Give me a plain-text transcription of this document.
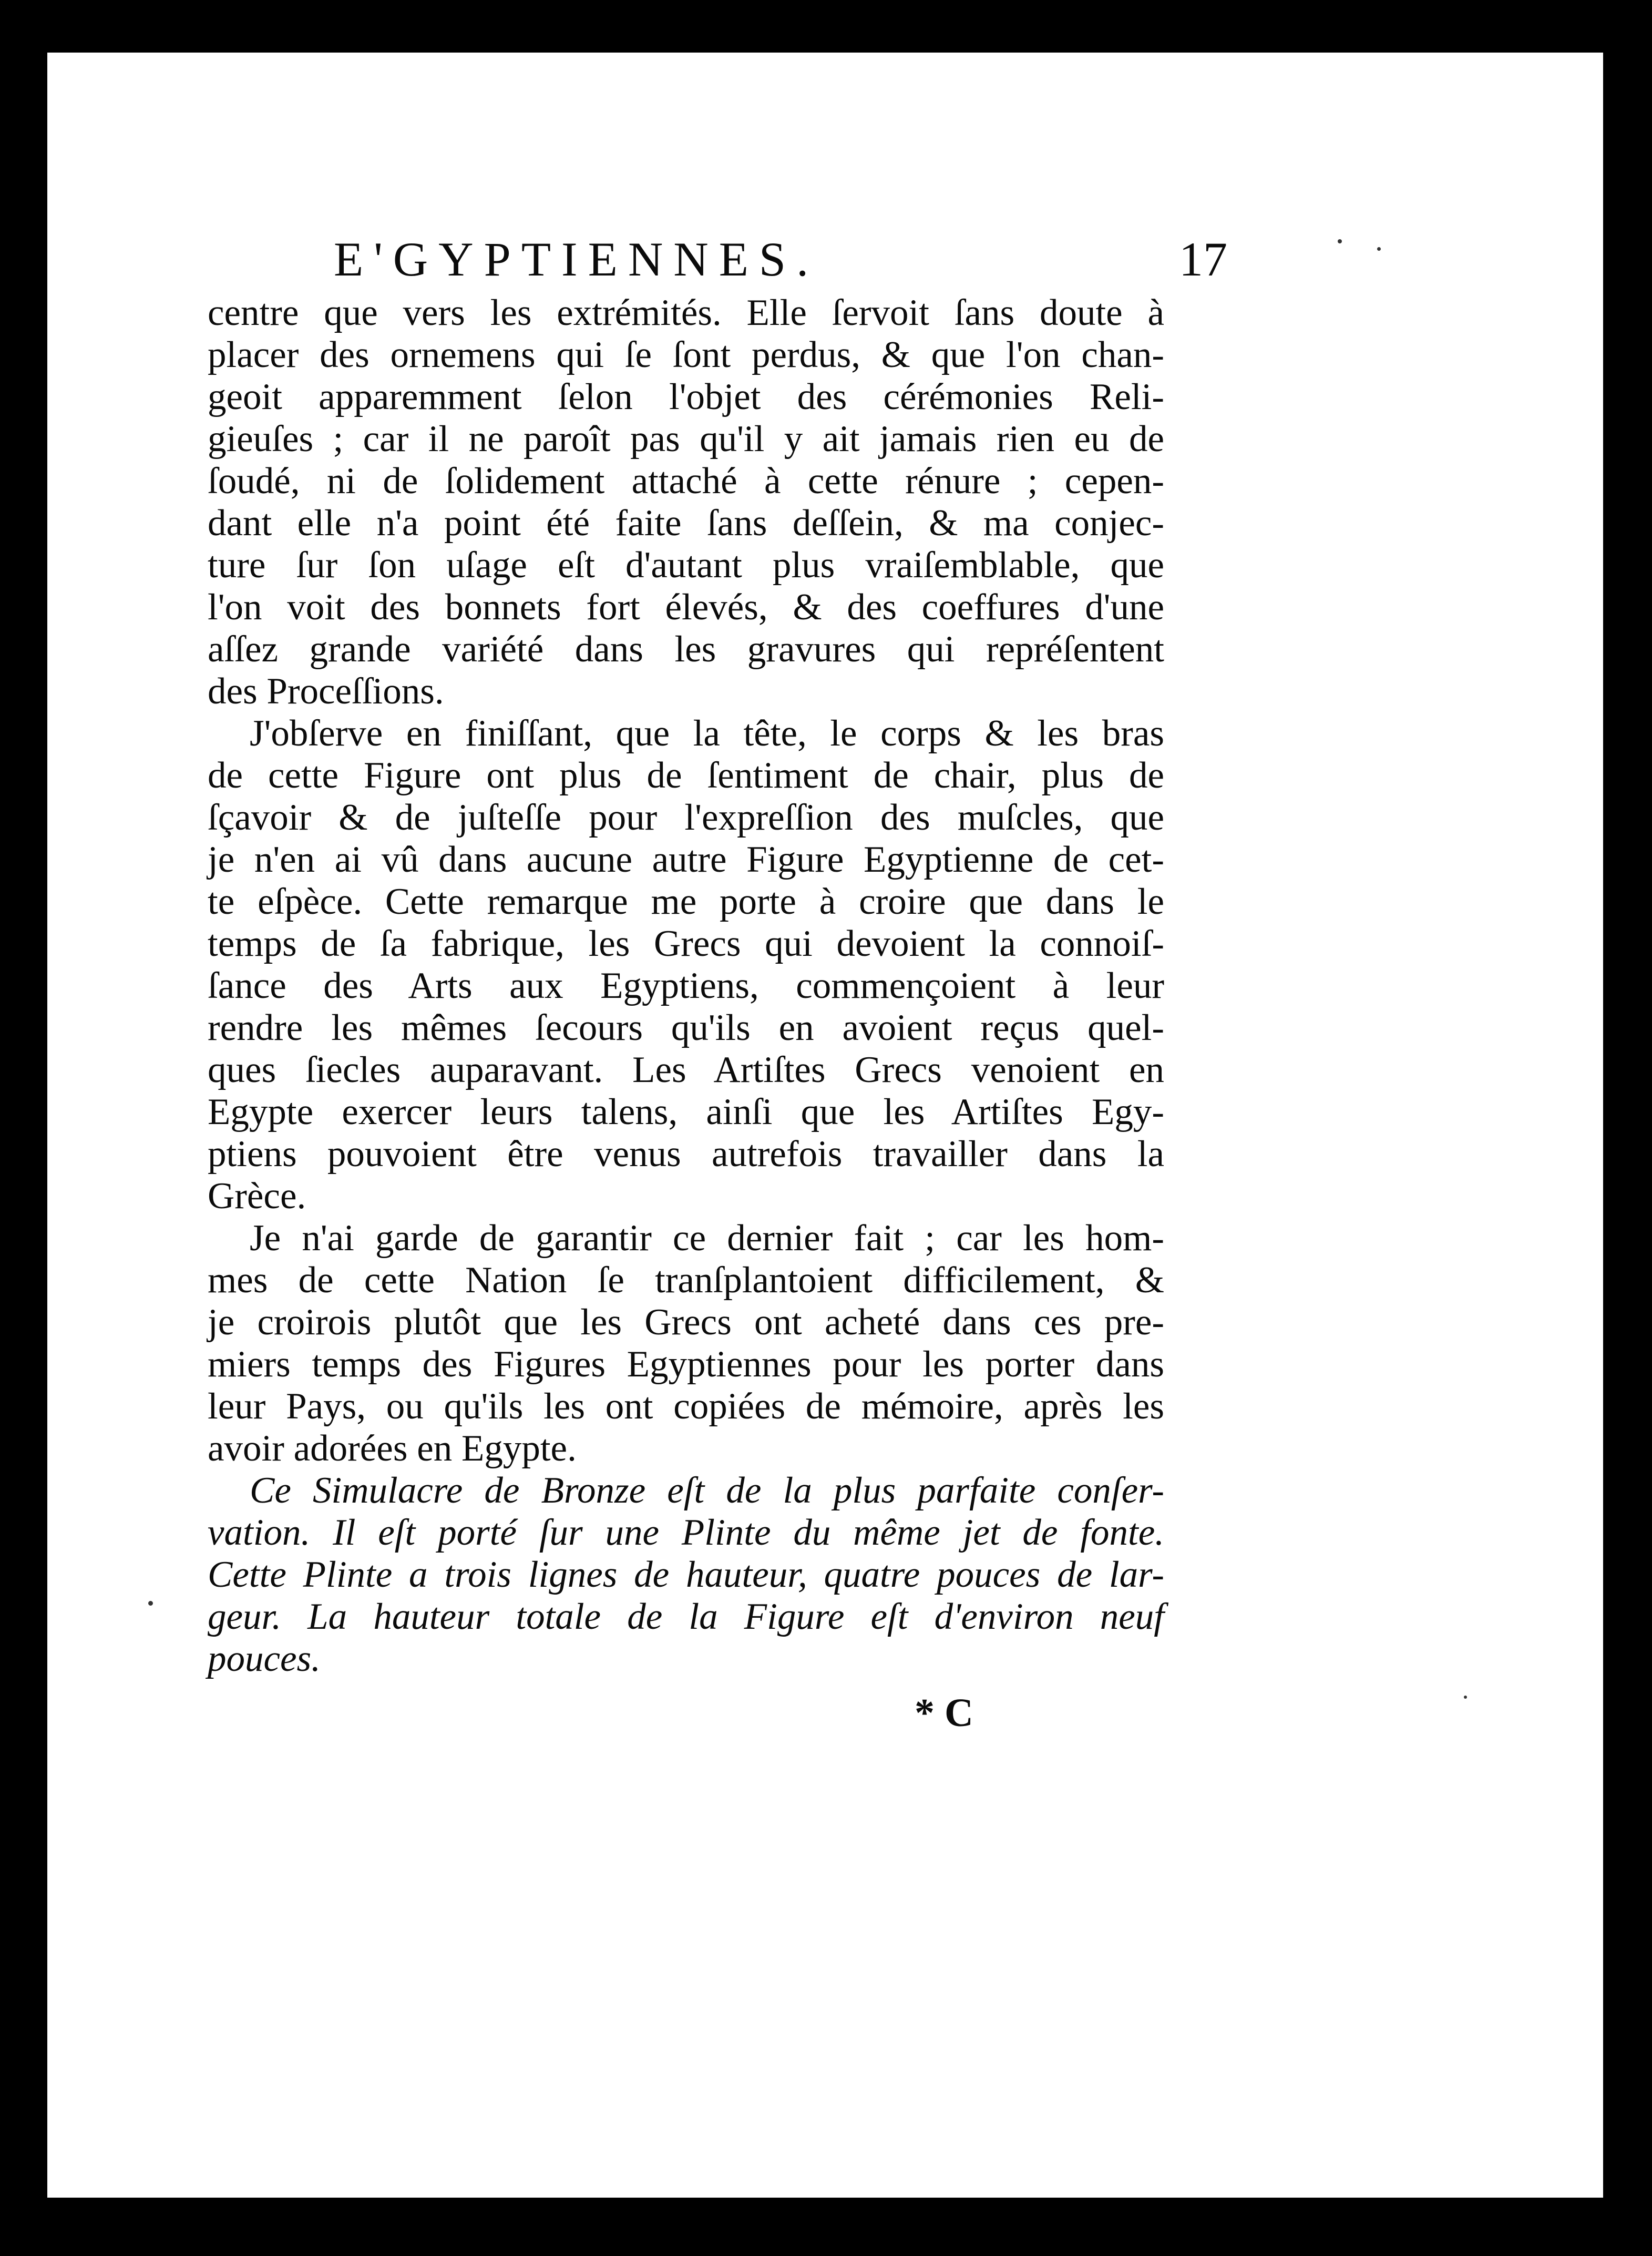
E'GYPTIENNES.	17
centre que vers les extrémités. Elle ſervoit ſans doute à
placer des ornemens qui ſe ſont perdus, & que l'on chan-
geoit apparemment ſelon l'objet des cérémonies Reli-
gieuſes ; car il ne paroît pas qu'il y ait jamais rien eu de
ſoudé, ni de ſolidement attaché à cette rénure ; cepen-
dant elle n'a point été faite ſans deſſein, & ma conjec-
ture ſur ſon uſage eſt d'autant plus vraiſemblable, que
l'on voit des bonnets fort élevés, & des coeffures d'une
aſſez grande variété dans les gravures qui repréſentent
des Proceſſions.
J'obſerve en finiſſant, que la tête, le corps & les bras
de cette Figure ont plus de ſentiment de chair, plus de
ſçavoir & de juſteſſe pour l'expreſſion des muſcles, que
je n'en ai vû dans aucune autre Figure Egyptienne de cet-
te eſpèce. Cette remarque me porte à croire que dans le
temps de ſa fabrique, les Grecs qui devoient la connoiſ-
ſance des Arts aux Egyptiens, commençoient à leur
rendre les mêmes ſecours qu'ils en avoient reçus quel-
ques ſiecles auparavant. Les Artiſtes Grecs venoient en
Egypte exercer leurs talens, ainſi que les Artiſtes Egy-
ptiens pouvoient être venus autrefois travailler dans la
Grèce.
Je n'ai garde de garantir ce dernier fait ; car les hom-
mes de cette Nation ſe tranſplantoient difficilement, &
je croirois plutôt que les Grecs ont acheté dans ces pre-
miers temps des Figures Egyptiennes pour les porter dans
leur Pays, ou qu'ils les ont copiées de mémoire, après les
avoir adorées en Egypte.
Ce Simulacre de Bronze eſt de la plus parfaite conſer-
vation. Il eſt porté ſur une Plinte du même jet de fonte.
Cette Plinte a trois lignes de hauteur, quatre pouces de lar-
geur. La hauteur totale de la Figure eſt d'environ neuf
pouces.
* C
